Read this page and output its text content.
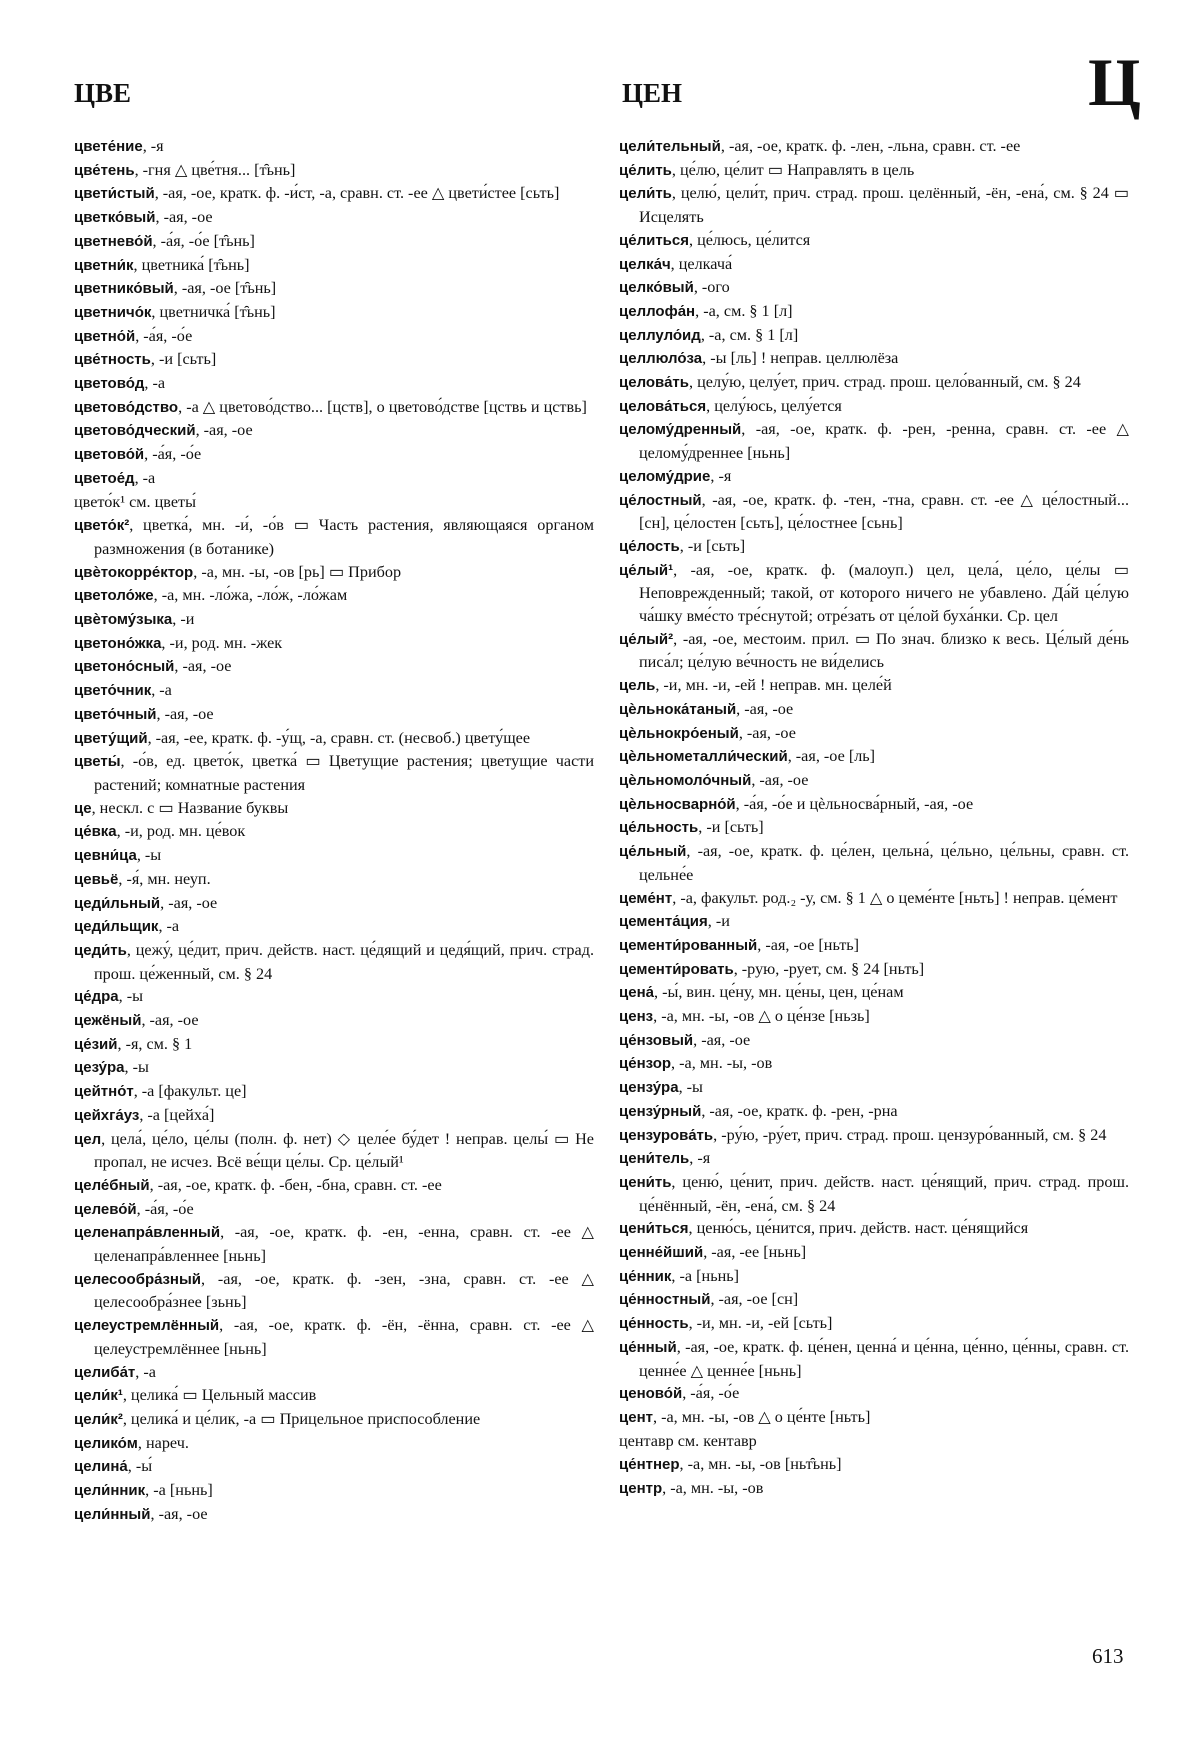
ЦВЕ	ЦЕН	Ц

цвете́ние, -я

цве́тень, -гня △ цве́тня... [т̑ьнь]

цвети́стый, -ая, -ое, кратк. ф. -и́ст, -а, сравн. ст. -ее △ цвети́стее [сьть]

цветко́вый, -ая, -ое

цветнево́й, -а́я, -о́е [т̑ьнь]

цветни́к, цветника́ [т̑ьнь]

цветнико́вый, -ая, -ое [т̑ьнь]

цветничо́к, цветничка́ [т̑ьнь]

цветно́й, -а́я, -о́е

цве́тность, -и [сьть]

цветово́д, -а

цветово́дство, -а △ цветово́дство... [цств], о цветово́дстве [цствь и цствь]

цветово́дческий, -ая, -ое

цветово́й, -а́я, -о́е

цветое́д, -а

цвето́к¹ см. цветы́

цвето́к², цветка́, мн. -и́, -о́в ▭ Часть растения, являющаяся органом размножения (в ботанике)

цвѐтокорре́ктор, -а, мн. -ы, -ов [рь] ▭ Прибор

цветоло́же, -а, мн. -ло́жа, -ло́ж, -ло́жам

цвѐтому́зыка, -и

цветоно́жка, -и, род. мн. -жек

цветоно́сный, -ая, -ое

цвето́чник, -а

цвето́чный, -ая, -ое

цвету́щий, -ая, -ее, кратк. ф. -у́щ, -а, сравн. ст. (несвоб.) цвету́щее

цветы́, -о́в, ед. цвето́к, цветка́ ▭ Цветущие растения; цветущие части растений; комнатные растения

це, нескл. с ▭ Название буквы

це́вка, -и, род. мн. це́вок

цевни́ца, -ы

цевьё, -я́, мн. неуп.

цеди́льный, -ая, -ое

цеди́льщик, -а

цеди́ть, цежу́, це́дит, прич. действ. наст. це́дящий и цедя́щий, прич. страд. прош. це́женный, см. § 24

це́дра, -ы

цежёный, -ая, -ое

це́зий, -я, см. § 1

цезу́ра, -ы

цейтно́т, -а [факульт. це]

цейхга́уз, -а [цейха́]

цел, цела́, це́ло, це́лы (полн. ф. нет) ◇ целе́е бу́дет ! неправ. целы́ ▭ Не пропал, не исчез. Всё ве́щи це́лы. Ср. це́лый¹

целе́бный, -ая, -ое, кратк. ф. -бен, -бна, сравн. ст. -ее

целево́й, -а́я, -о́е

целенапра́вленный, -ая, -ое, кратк. ф. -ен, -енна, сравн. ст. -ее △ целенапра́вленнее [ньнь]

целесообра́зный, -ая, -ое, кратк. ф. -зен, -зна, сравн. ст. -ее △ целесообра́знее [зьнь]

целеустремлённый, -ая, -ое, кратк. ф. -ён, -ённа, сравн. ст. -ее △ целеустремлённее [ньнь]

целиба́т, -а

цели́к¹, целика́ ▭ Цельный массив

цели́к², целика́ и це́лик, -а ▭ Прицельное приспособление

целико́м, нареч.

целина́, -ы́

цели́нник, -а [ньнь]

цели́нный, -ая, -ое

цели́тельный, -ая, -ое, кратк. ф. -лен, -льна, сравн. ст. -ее

це́лить, це́лю, це́лит ▭ Направлять в цель

цели́ть, целю́, цели́т, прич. страд. прош. целённый, -ён, -ена́, см. § 24 ▭ Исцелять

це́литься, це́люсь, це́лится

целка́ч, целкача́

целко́вый, -ого

целлофа́н, -а, см. § 1 [л]

целлуло́ид, -а, см. § 1 [л]

целлюло́за, -ы [ль] ! неправ. целлюлёза

целова́ть, целу́ю, целу́ет, прич. страд. прош. цело́ванный, см. § 24

целова́ться, целу́юсь, целу́ется

целому́дренный, -ая, -ое, кратк. ф. -рен, -ренна, сравн. ст. -ее △ целому́дреннее [ньнь]

целому́дрие, -я

це́лостный, -ая, -ое, кратк. ф. -тен, -тна, сравн. ст. -ее △ це́лостный... [сн], це́лостен [сьть], це́лостнее [сьнь]

це́лость, -и [сьть]

це́лый¹, -ая, -ое, кратк. ф. (малоуп.) цел, цела́, це́ло, це́лы ▭ Неповрежденный; такой, от которого ничего не убавлено. Да́й це́лую ча́шку вме́сто тре́снутой; отре́зать от це́лой буха́нки. Ср. цел

це́лый², -ая, -ое, местоим. прил. ▭ По знач. близко к весь. Це́лый де́нь писа́л; це́лую ве́чность не ви́делись

цель, -и, мн. -и, -ей ! неправ. мн. целе́й

цѐльнока́таный, -ая, -ое

цѐльнокро́еный, -ая, -ое

цѐльнометалли́ческий, -ая, -ое [ль]

цѐльномоло́чный, -ая, -ое

цѐльносварно́й, -а́я, -о́е и цѐльносва́рный, -ая, -ое

це́льность, -и [сьть]

це́льный, -ая, -ое, кратк. ф. це́лен, цельна́, це́льно, це́льны, сравн. ст. цельне́е

цеме́нт, -а, факульт. род.₂ -у, см. § 1 △ о цеме́нте [ньть] ! неправ. це́мент

цемента́ция, -и

цементи́рованный, -ая, -ое [ньть]

цементи́ровать, -рую, -рует, см. § 24 [ньть]

цена́, -ы́, вин. це́ну, мн. це́ны, цен, це́нам

ценз, -а, мн. -ы, -ов △ о це́нзе [ньзь]

це́нзовый, -ая, -ое

це́нзор, -а, мн. -ы, -ов

цензу́ра, -ы

цензу́рный, -ая, -ое, кратк. ф. -рен, -рна

цензурова́ть, -ру́ю, -ру́ет, прич. страд. прош. цензуро́ванный, см. § 24

цени́тель, -я

цени́ть, ценю́, це́нит, прич. действ. наст. це́нящий, прич. страд. прош. це́нённый, -ён, -ена́, см. § 24

цени́ться, ценю́сь, це́нится, прич. действ. наст. це́нящийся

ценне́йший, -ая, -ее [ньнь]

це́нник, -а [ньнь]

це́нностный, -ая, -ое [сн]

це́нность, -и, мн. -и, -ей [сьть]

це́нный, -ая, -ое, кратк. ф. це́нен, ценна́ и це́нна, це́нно, це́нны, сравн. ст. ценне́е △ ценне́е [ньнь]

ценово́й, -а́я, -о́е

цент, -а, мн. -ы, -ов △ о це́нте [ньть]

центавр см. кентавр

це́нтнер, -а, мн. -ы, -ов [ньт̑ьнь]

центр, -а, мн. -ы, -ов

613
